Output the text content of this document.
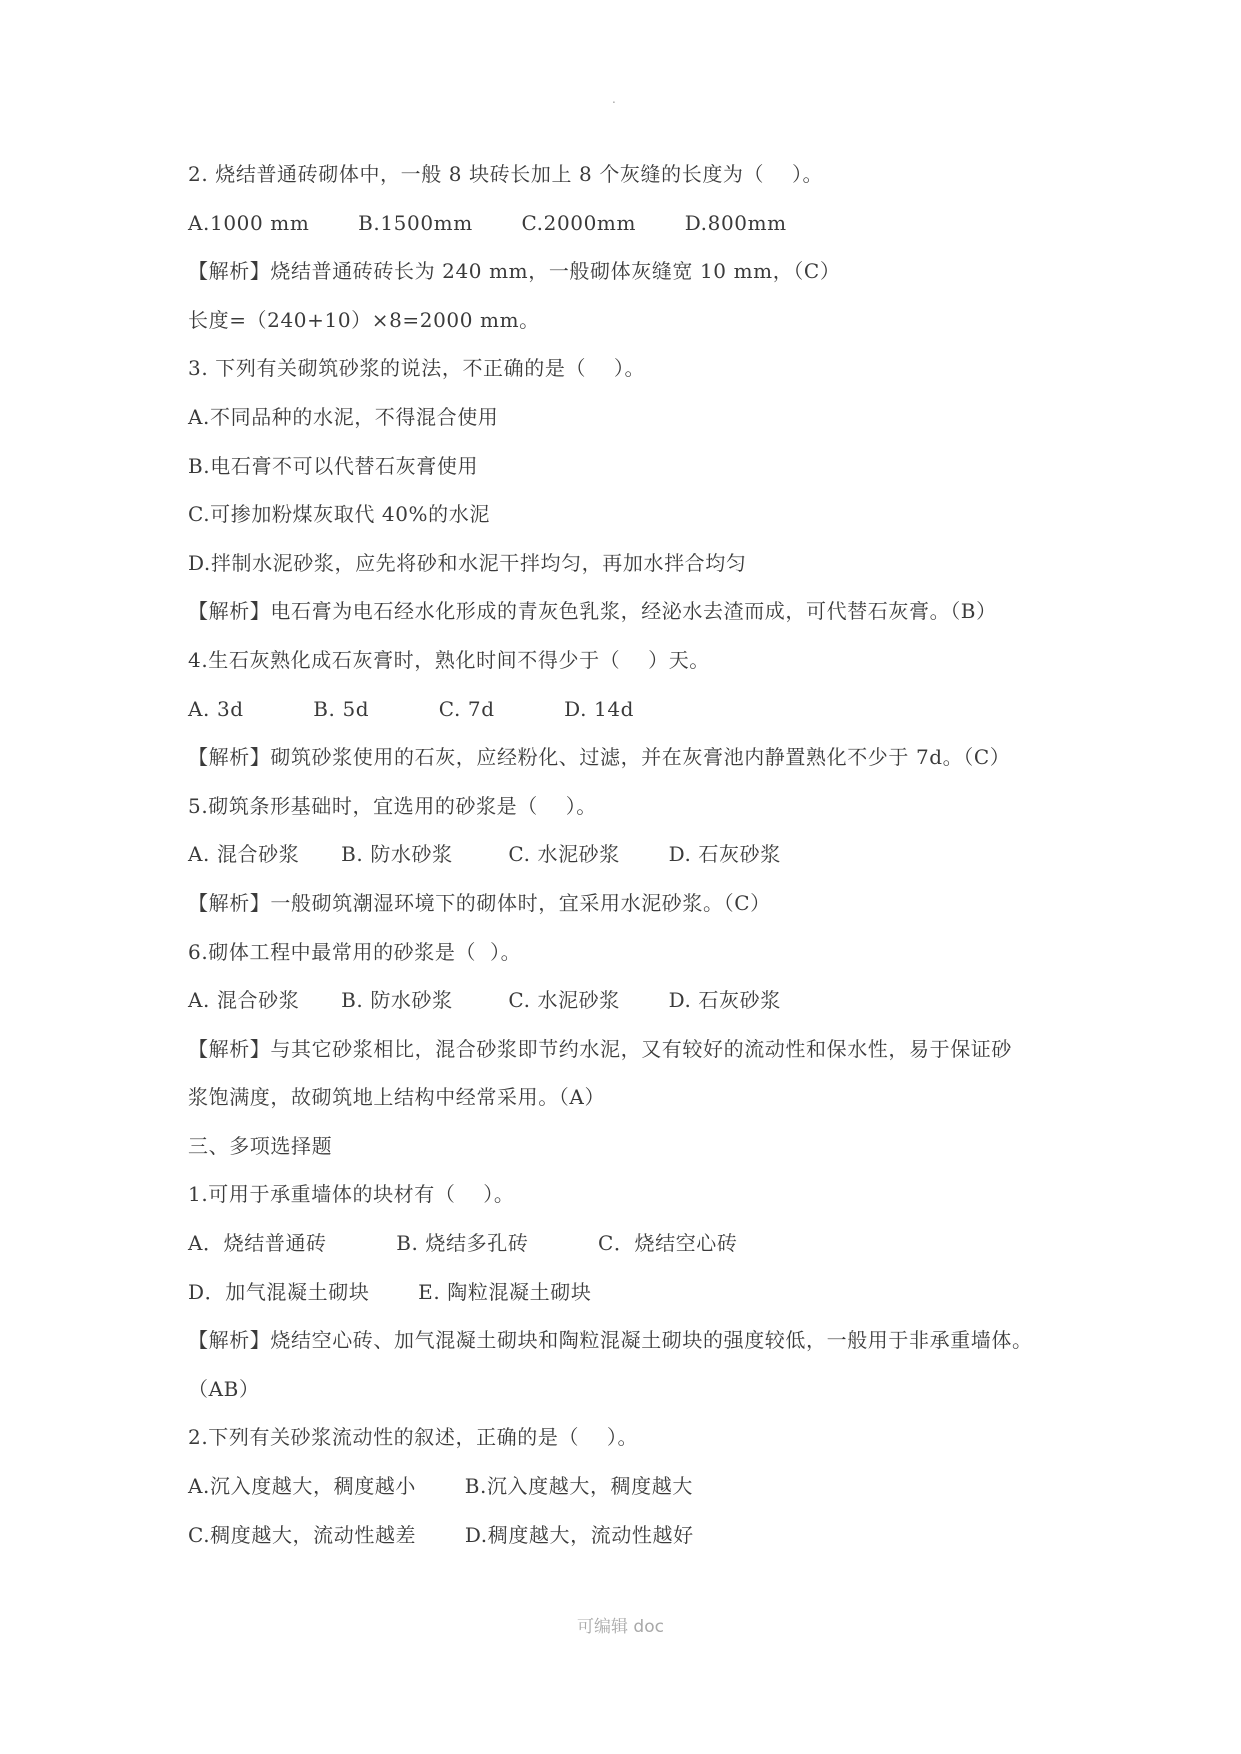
.
2. 烧结普通砖砌体中，一般 8 块砖长加上 8 个灰缝的长度为（    ）。
A.1000 mm       B.1500mm       C.2000mm       D.800mm
【解析】烧结普通砖砖长为 240 mm，一般砌体灰缝宽 10 mm，（C）
长度=（240+10）×8=2000 mm。
3. 下列有关砌筑砂浆的说法，不正确的是（    ）。
A.不同品种的水泥，不得混合使用
B.电石膏不可以代替石灰膏使用
C.可掺加粉煤灰取代 40%的水泥
D.拌制水泥砂浆，应先将砂和水泥干拌均匀，再加水拌合均匀
【解析】电石膏为电石经水化形成的青灰色乳浆，经泌水去渣而成，可代替石灰膏。（B）
4.生石灰熟化成石灰膏时，熟化时间不得少于（    ）天。
A. 3d          B. 5d          C. 7d          D. 14d
【解析】砌筑砂浆使用的石灰，应经粉化、过滤，并在灰膏池内静置熟化不少于 7d。（C）
5.砌筑条形基础时，宜选用的砂浆是（    ）。
A. 混合砂浆      B. 防水砂浆        C. 水泥砂浆       D. 石灰砂浆
【解析】一般砌筑潮湿环境下的砌体时，宜采用水泥砂浆。（C）
6.砌体工程中最常用的砂浆是（  ）。
A. 混合砂浆      B. 防水砂浆        C. 水泥砂浆       D. 石灰砂浆
【解析】与其它砂浆相比，混合砂浆即节约水泥，又有较好的流动性和保水性，易于保证砂
浆饱满度，故砌筑地上结构中经常采用。（A）
三、多项选择题
1.可用于承重墙体的块材有（    ）。
A．烧结普通砖          B. 烧结多孔砖          C．烧结空心砖
D．加气混凝土砌块       E. 陶粒混凝土砌块
【解析】烧结空心砖、加气混凝土砌块和陶粒混凝土砌块的强度较低，一般用于非承重墙体。
（AB）
2.下列有关砂浆流动性的叙述，正确的是（    ）。
A.沉入度越大，稠度越小       B.沉入度越大，稠度越大
C.稠度越大，流动性越差       D.稠度越大，流动性越好
可编辑 doc
